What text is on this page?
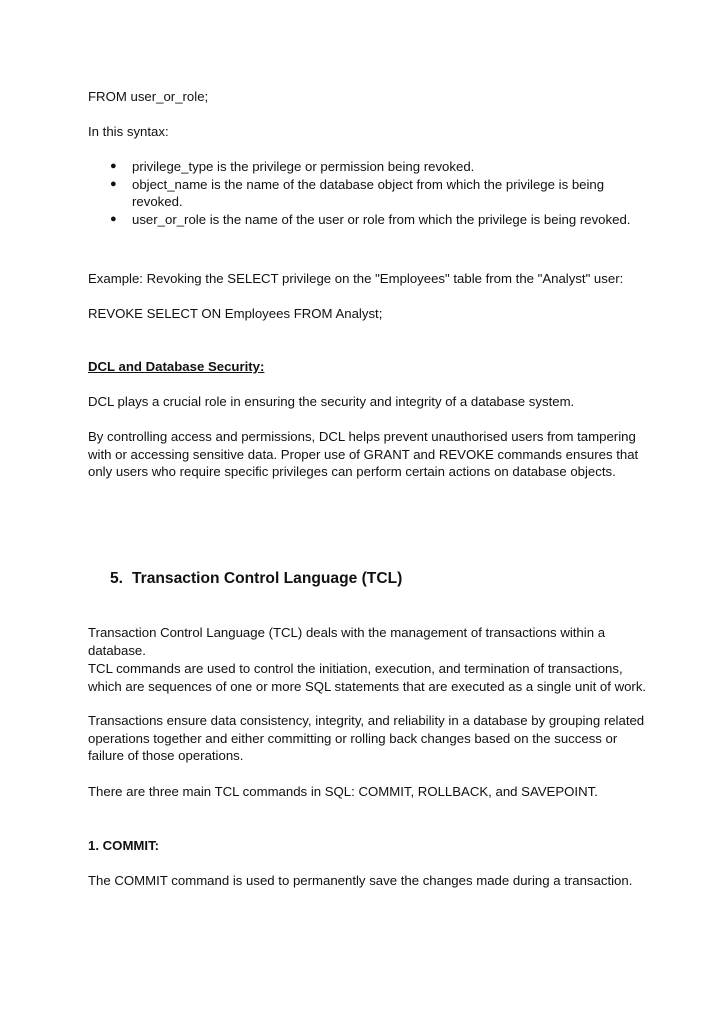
FROM user_or_role;

In this syntax:

● privilege_type is the privilege or permission being revoked.
● object_name is the name of the database object from which the privilege is being revoked.
● user_or_role is the name of the user or role from which the privilege is being revoked.

Example: Revoking the SELECT privilege on the "Employees" table from the "Analyst" user:

REVOKE SELECT ON Employees FROM Analyst;

DCL and Database Security:

DCL plays a crucial role in ensuring the security and integrity of a database system.

By controlling access and permissions, DCL helps prevent unauthorised users from tampering with or accessing sensitive data. Proper use of GRANT and REVOKE commands ensures that only users who require specific privileges can perform certain actions on database objects.

5. Transaction Control Language (TCL)

Transaction Control Language (TCL) deals with the management of transactions within a database.

TCL commands are used to control the initiation, execution, and termination of transactions, which are sequences of one or more SQL statements that are executed as a single unit of work.

Transactions ensure data consistency, integrity, and reliability in a database by grouping related operations together and either committing or rolling back changes based on the success or failure of those operations.

There are three main TCL commands in SQL: COMMIT, ROLLBACK, and SAVEPOINT.

1. COMMIT:

The COMMIT command is used to permanently save the changes made during a transaction.
